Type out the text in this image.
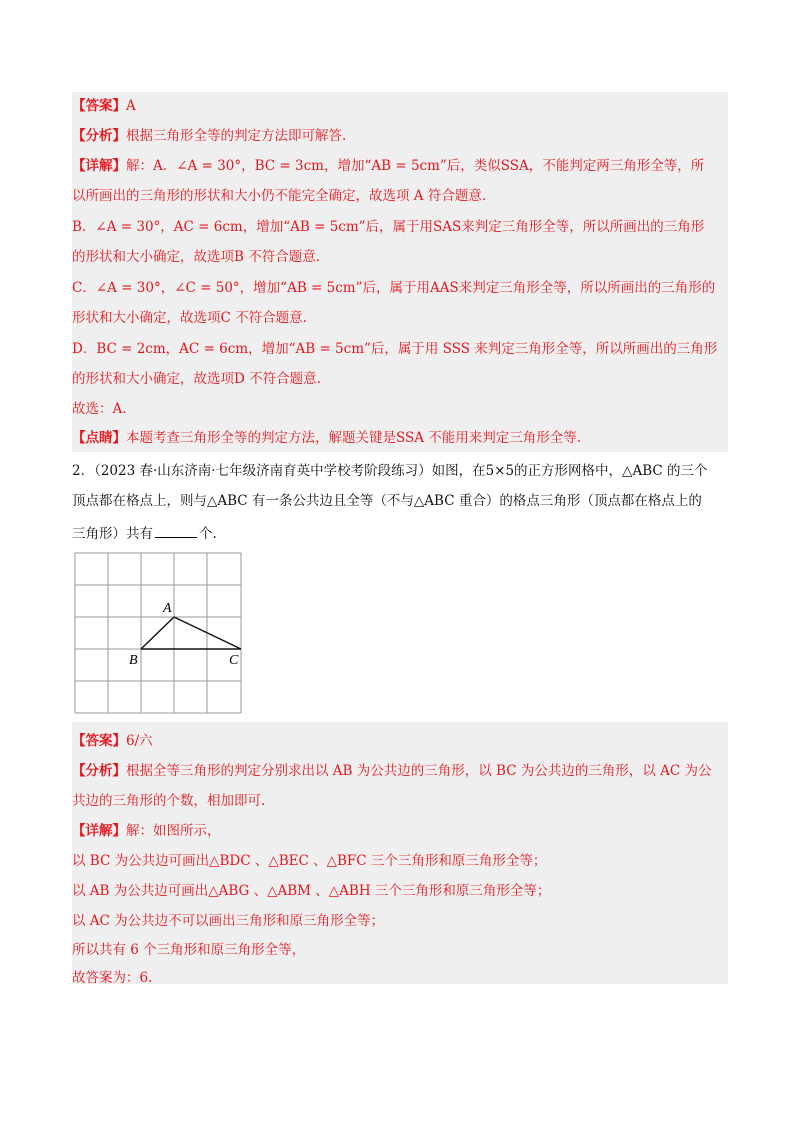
【答案】A
【分析】根据三角形全等的判定方法即可解答.
【详解】解：A．∠A = 30°，BC = 3cm，增加“AB = 5cm”后，类似SSA，不能判定两三角形全等，所
以所画出的三角形的形状和大小仍不能完全确定，故选项 A 符合题意.
B．∠A = 30°，AC = 6cm，增加“AB = 5cm”后，属于用SAS来判定三角形全等，所以所画出的三角形
的形状和大小确定，故选项B 不符合题意.
C．∠A = 30°，∠C = 50°，增加“AB = 5cm”后，属于用AAS来判定三角形全等，所以所画出的三角形的
形状和大小确定，故选项C 不符合题意.
D．BC = 2cm，AC = 6cm，增加“AB = 5cm”后，属于用 SSS 来判定三角形全等，所以所画出的三角形
的形状和大小确定，故选项D 不符合题意.
故选：A.
【点睛】本题考查三角形全等的判定方法，解题关键是SSA 不能用来判定三角形全等.
2．（2023 春·山东济南·七年级济南育英中学校考阶段练习）如图，在5×5的正方形网格中，△ABC 的三个
顶点都在格点上，则与△ABC 有一条公共边且全等（不与△ABC 重合）的格点三角形（顶点都在格点上的
三角形）共有	个.
A
B	C
【答案】6/六
【分析】根据全等三角形的判定分别求出以 AB 为公共边的三角形，以 BC 为公共边的三角形，以 AC 为公
共边的三角形的个数，相加即可.
【详解】解：如图所示，
以 BC 为公共边可画出△BDC 、△BEC 、△BFC 三个三角形和原三角形全等；
以 AB 为公共边可画出△ABG 、△ABM 、△ABH 三个三角形和原三角形全等；
以 AC 为公共边不可以画出三角形和原三角形全等；
所以共有 6 个三角形和原三角形全等，
故答案为：6.
